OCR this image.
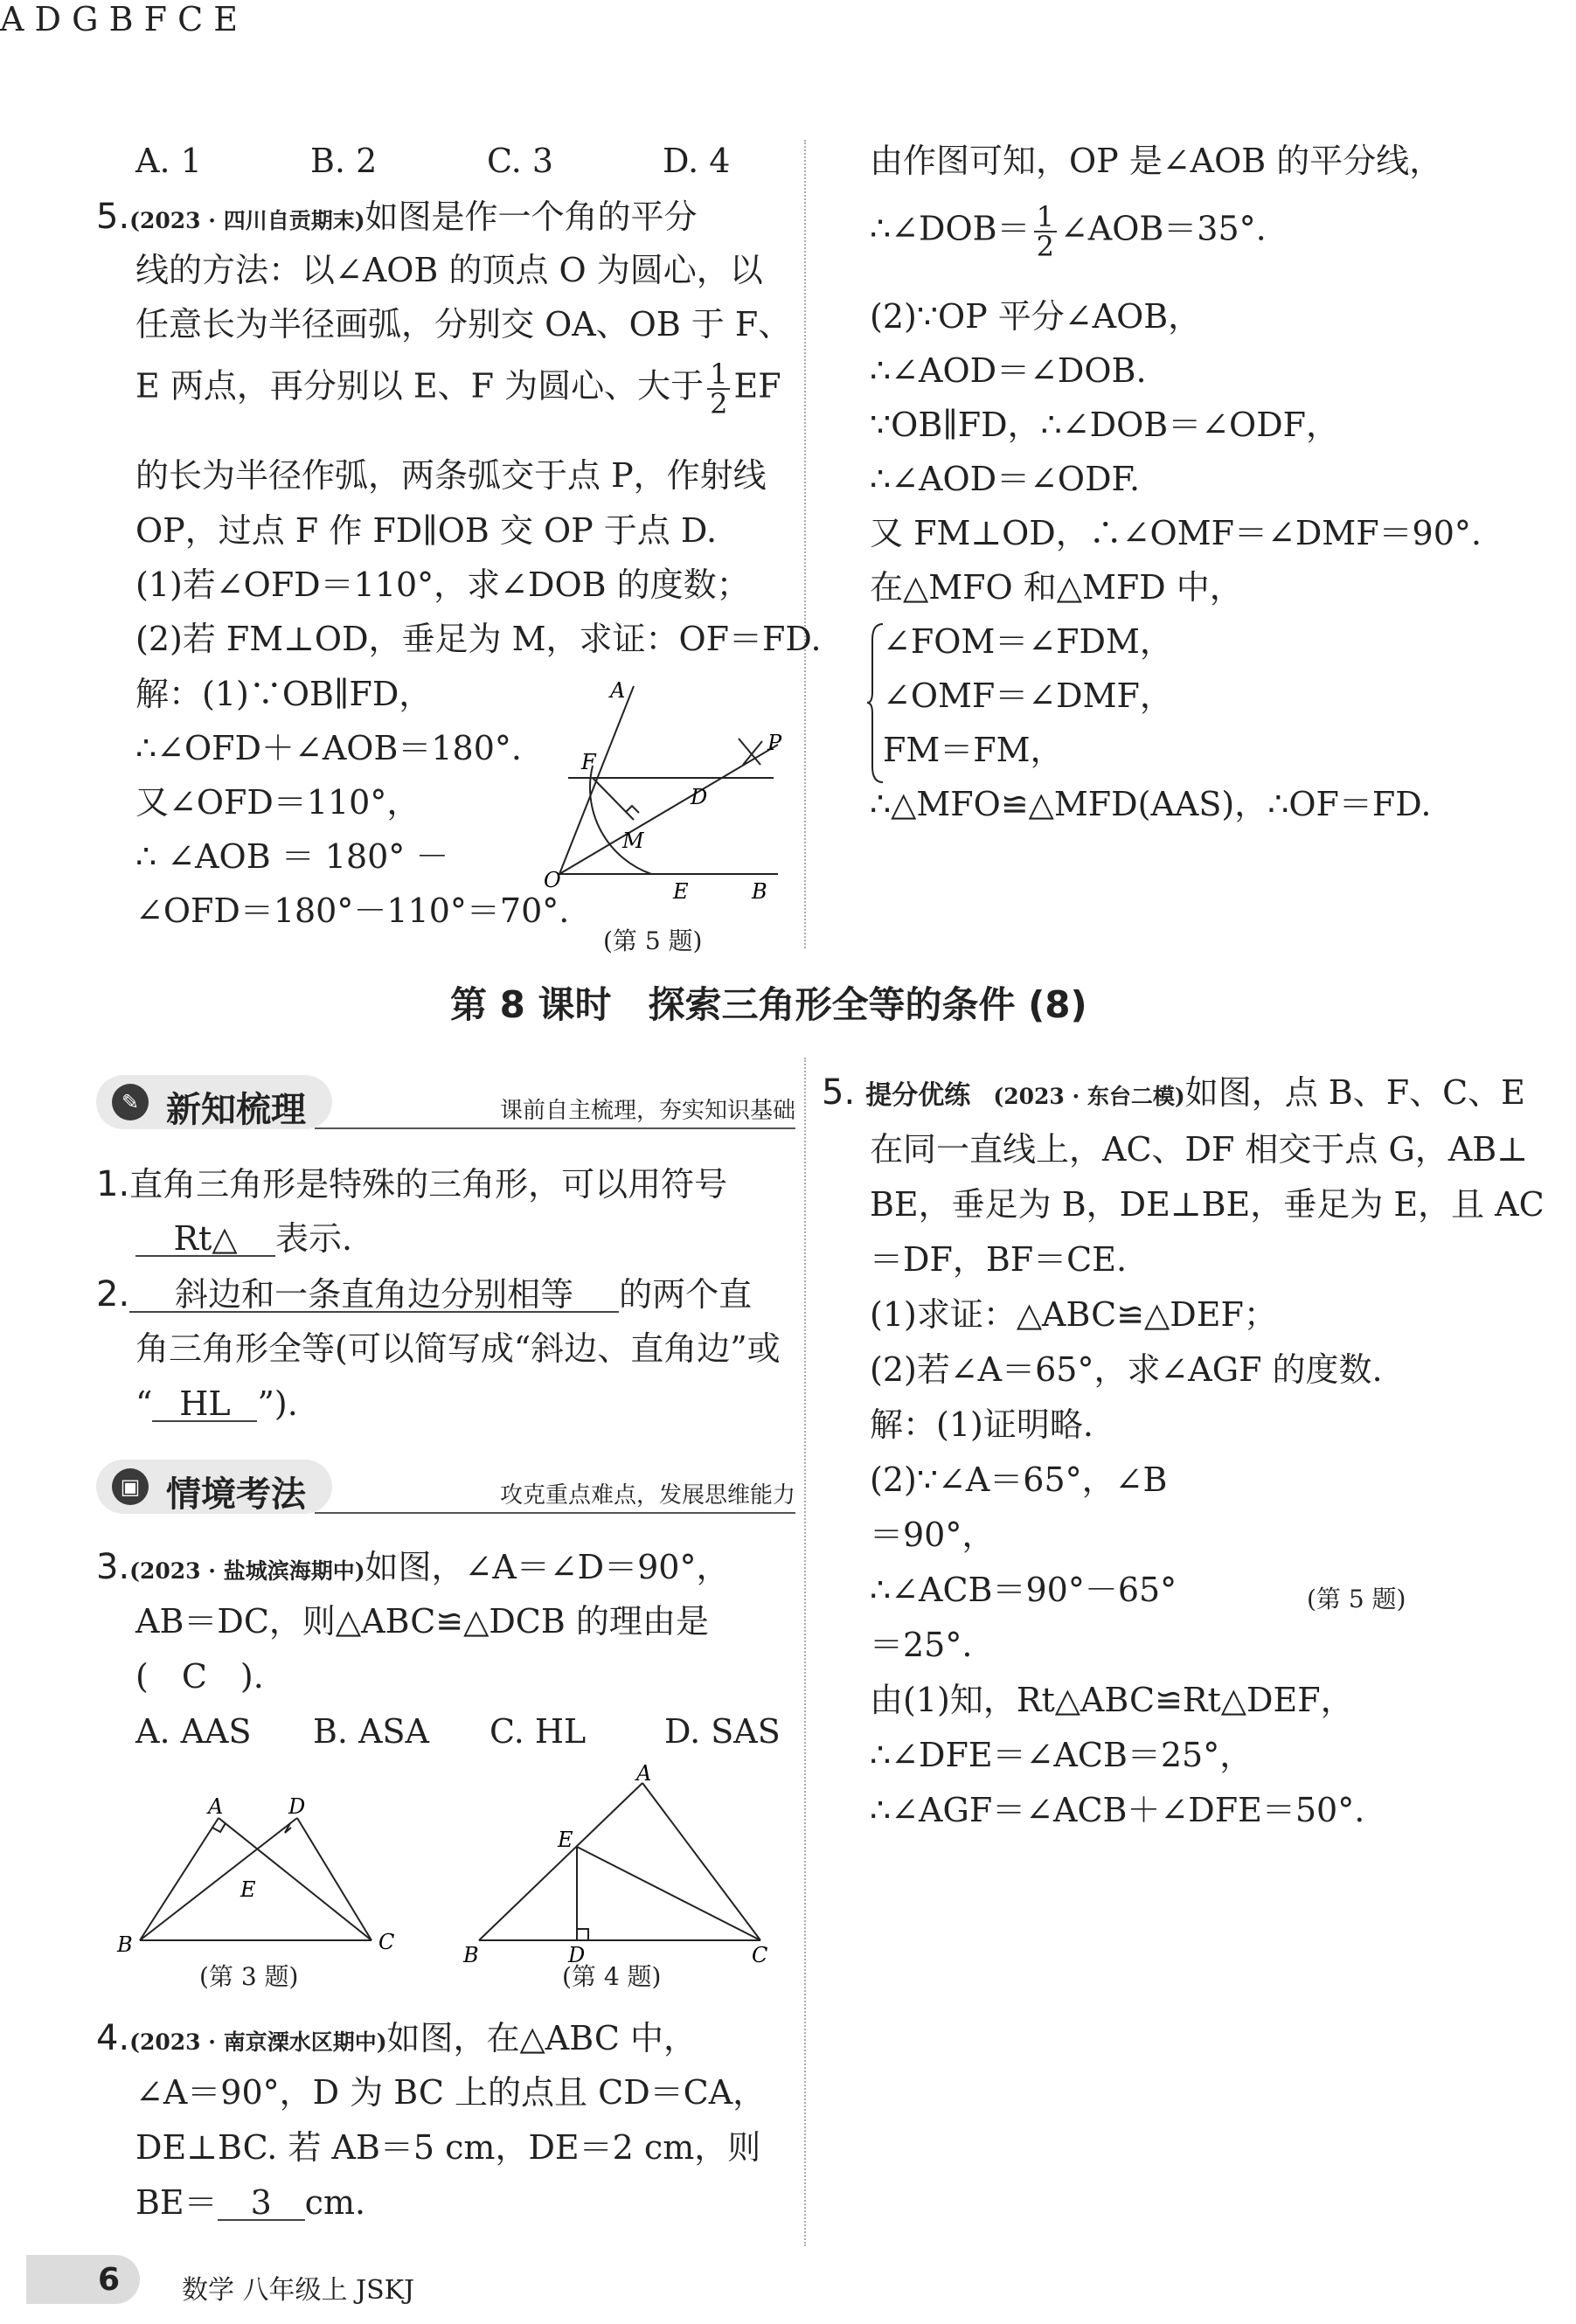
A. 1	B. 2	C. 3	D. 4
5.(2023 · 四川自贡期末)如图是作一个角的平分
线的方法：以∠AOB 的顶点 O 为圆心，以
任意长为半径画弧，分别交 OA、OB 于 F、
E 两点，再分别以 E、F 为圆心、大于 $\frac{1}{2}$ EF
的长为半径作弧，两条弧交于点 P，作射线
OP，过点 F 作 FD∥OB 交 OP 于点 D.
(1)若∠OFD＝110°，求∠DOB 的度数；
(2)若 FM⊥OD，垂足为 M，求证：OF＝FD.
解：(1)∵OB∥FD，
∴∠OFD＋∠AOB＝180°.
又∠OFD＝110°，
∴ ∠AOB ＝ 180° －
∠OFD＝180°－110°＝70°.
A
F
P
D
M
O	E	B
(第 5 题)
由作图可知，OP 是∠AOB 的平分线，
∴∠DOB＝ $\frac{1}{2}$ ∠AOB＝35°.
(2)∵OP 平分∠AOB，
∴∠AOD＝∠DOB.
∵OB∥FD，∴∠DOB＝∠ODF，
∴∠AOD＝∠ODF.
又 FM⊥OD，∴∠OMF＝∠DMF＝90°.
在△MFO 和△MFD 中，
∠FOM＝∠FDM，
∠OMF＝∠DMF，
FM＝FM，
∴△MFO≌△MFD(AAS)，∴OF＝FD.
第 8 课时　探索三角形全等的条件 (8)
✎ 新知梳理	课前自主梳理，夯实知识基础
1.直角三角形是特殊的三角形，可以用符号
Rt△ 表示.
2. 斜边和一条直角边分别相等 的两个直
角三角形全等(可以简写成“斜边、直角边”或
“ HL ”).
▣ 情境考法	攻克重点难点，发展思维能力
3.(2023 · 盐城滨海期中)如图，∠A＝∠D＝90°，
AB＝DC，则△ABC≌△DCB 的理由是
(　C　).
A. AAS B. ASA C. HL D. SAS
A	D
E
B	C
(第 3 题)
A
E
B	D	C
(第 4 题)
4.(2023 · 南京溧水区期中)如图，在△ABC 中，
∠A＝90°，D 为 BC 上的点且 CD＝CA，
DE⊥BC. 若 AB＝5 cm，DE＝2 cm，则
BE＝ 3 cm.
5. 提分优练 (2023 · 东台二模)如图，点 B、F、C、E
在同一直线上，AC、DF 相交于点 G，AB⊥
BE，垂足为 B，DE⊥BE，垂足为 E，且 AC
＝DF，BF＝CE.
(1)求证：△ABC≌△DEF；
(2)若∠A＝65°，求∠AGF 的度数.
解：(1)证明略.
(2)∵∠A＝65°，∠B
＝90°，
∴∠ACB＝90°－65°
＝25°.
由(1)知，Rt△ABC≌Rt△DEF，
∴∠DFE＝∠ACB＝25°，
∴∠AGF＝∠ACB＋∠DFE＝50°.
A D G B F C E
(第 5 题)
6 数学 八年级上 JSKJ
